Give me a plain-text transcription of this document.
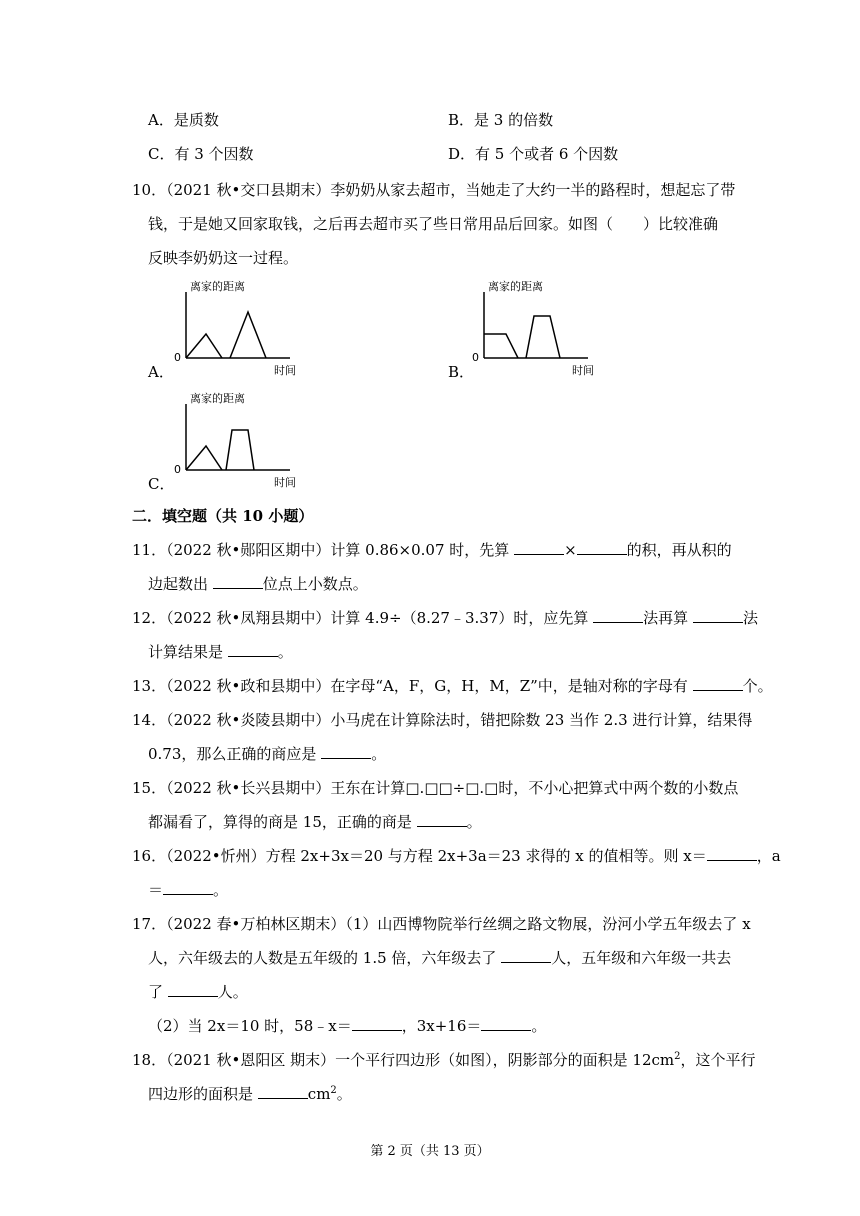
A．是质数	B．是 3 的倍数
C．有 3 个因数	D．有 5 个或者 6 个因数
10．（2021 秋•交口县期末）李奶奶从家去超市，当她走了大约一半的路程时，想起忘了带
钱，于是她又回家取钱，之后再去超市买了些日常用品后回家。如图（　　）比较准确
反映李奶奶这一过程。
A．
离家的距离
0
时间	B．
离家的距离
0
时间
C．
离家的距离
0
时间
二．填空题（共 10 小题）
11．（2022 秋•郧阳区期中）计算 0.86×0.07 时，先算	×	的积，再从积的
边起数出	位点上小数点。
12．（2022 秋•凤翔县期中）计算 4.9÷（8.27﹣3.37）时，应先算	法再算	法
计算结果是	。
13．（2022 秋•政和县期中）在字母“A，F，G，H，M，Z”中，是轴对称的字母有	个。
14．（2022 秋•炎陵县期中）小马虎在计算除法时，错把除数 23 当作 2.3 进行计算，结果得
0.73，那么正确的商应是	。
15．（2022 秋•长兴县期中）王东在计算□.□□÷□.□时，不小心把算式中两个数的小数点
都漏看了，算得的商是 15，正确的商是	。
16．（2022•忻州）方程 2x+3x＝20 与方程 2x+3a＝23 求得的 x 的值相等。则 x＝	，a
＝	。
17．（2022 春•万柏林区期末）（1）山西博物院举行丝绸之路文物展，汾河小学五年级去了 x
人，六年级去的人数是五年级的 1.5 倍，六年级去了	人，五年级和六年级一共去
了	人。
（2）当 2x＝10 时，58﹣x＝	，3x+16＝	。
18．（2021 秋•恩阳区 期末）一个平行四边形（如图），阴影部分的面积是 $12cm^2$，这个平行
四边形的面积是	$cm^2$。
第 2 页（共 13 页）
